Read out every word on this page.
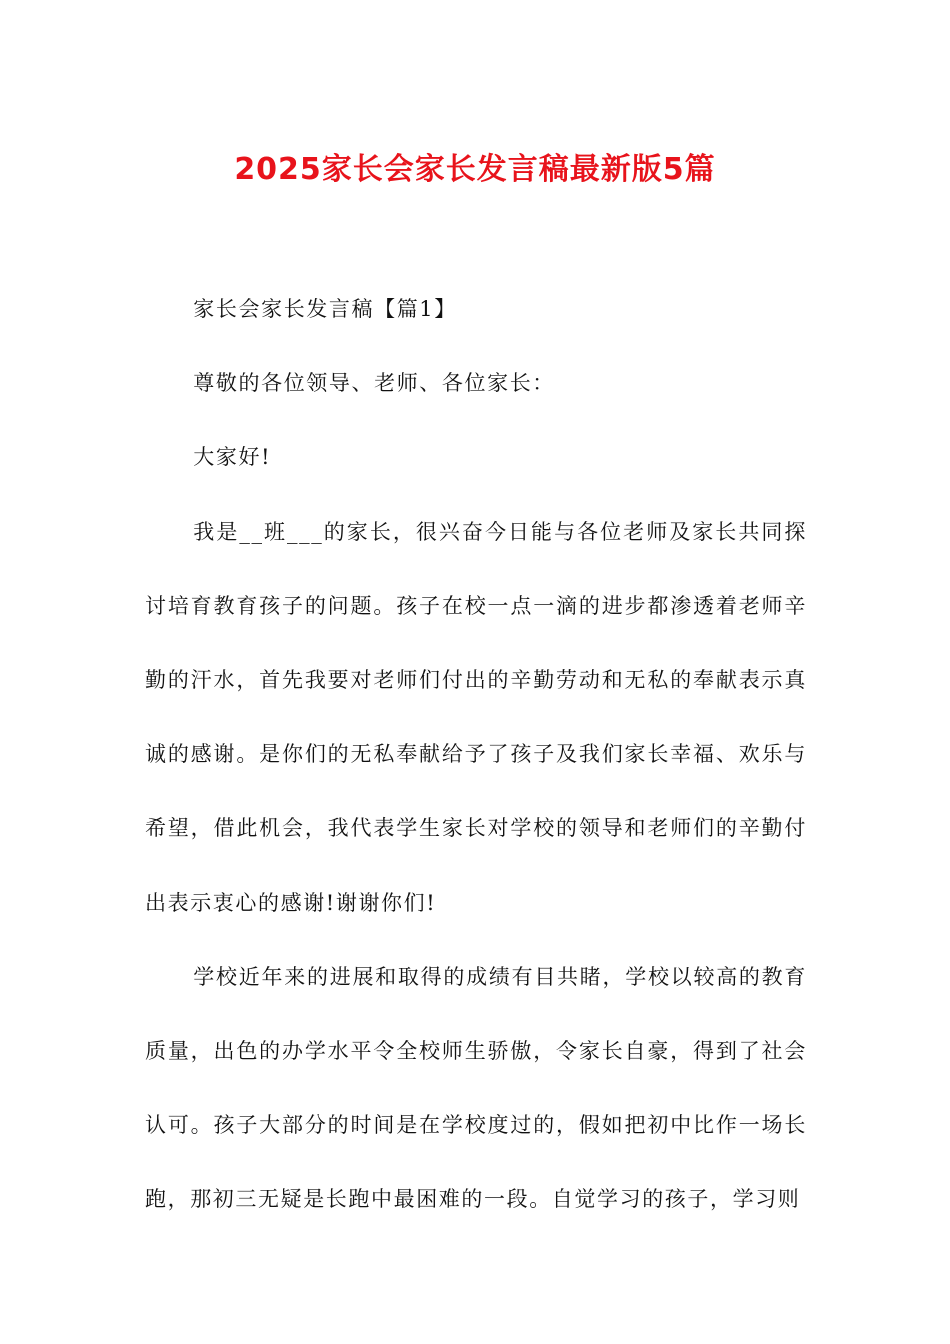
2025家长会家长发言稿最新版5篇

家长会家长发言稿【篇1】

尊敬的各位领导、老师、各位家长：

大家好!

我是__班___的家长，很兴奋今日能与各位老师及家长共同探讨培育教育孩子的问题。孩子在校一点一滴的进步都渗透着老师辛勤的汗水，首先我要对老师们付出的辛勤劳动和无私的奉献表示真诚的感谢。是你们的无私奉献给予了孩子及我们家长幸福、欢乐与希望，借此机会，我代表学生家长对学校的领导和老师们的辛勤付出表示衷心的感谢!谢谢你们!

学校近年来的进展和取得的成绩有目共睹，学校以较高的教育质量，出色的办学水平令全校师生骄傲，令家长自豪，得到了社会认可。孩子大部分的时间是在学校度过的，假如把初中比作一场长跑，那初三无疑是长跑中最困难的一段。自觉学习的孩子，学习则
